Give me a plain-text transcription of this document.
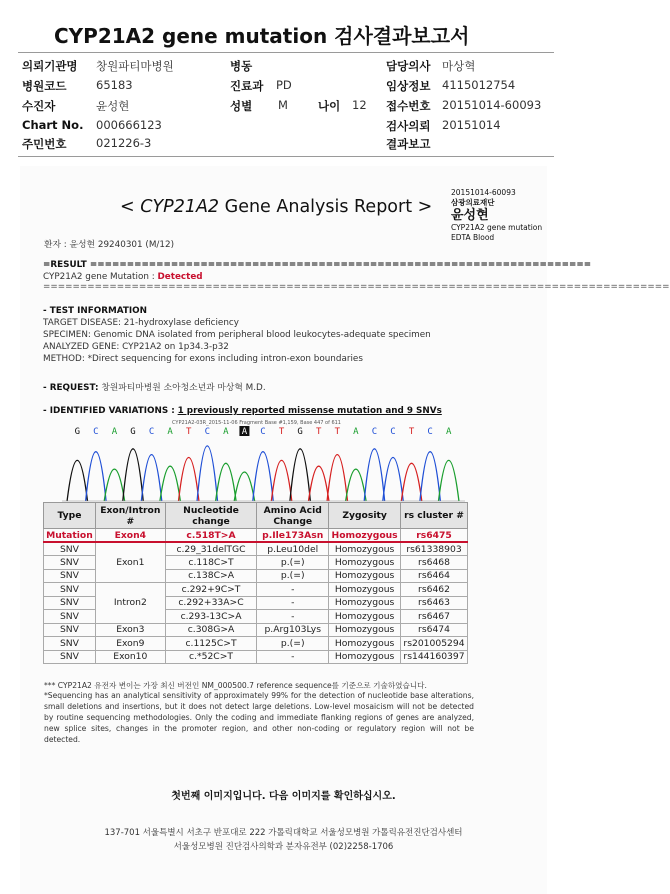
CYP21A2 gene mutation 검사결과보고서
의뢰기관명 창원파티마병원	병동	담당의사 마상혁
병원코드	65183	진료과 PD	임상정보 4115012754
수진자	윤성현	성별 M	나이 12 접수번호 20151014-60093
Chart No. 000666123	검사의뢰 20151014
주민번호	021226-3	결과보고
20151014-60093
삼광의료재단
윤성현
CYP21A2 gene mutation
EDTA Blood
< CYP21A2 Gene Analysis Report >
환자 : 윤성현 29240301 (M/12)
=RESULT ====================================================================
CYP21A2 gene Mutation : Detected
=====================================================================================
- TEST INFORMATION
TARGET DISEASE: 21-hydroxylase deficiency
SPECIMEN: Genomic DNA isolated from peripheral blood leukocytes-adequate specimen
ANALYZED GENE: CYP21A2 on 1p34.3-p32
METHOD: *Direct sequencing for exons including intron-exon boundaries
- REQUEST: 창원파티마병원 소아청소년과 마상혁 M.D.
- IDENTIFIED VARIATIONS : 1 previously reported missense mutation and 9 SNVs
CYP21A2-03R_2015-11-06 Fragment Base #1,159, Base 447 of 611
G C A G C A T C A A C T G T T A C C T C A
Type	Exon/Intron #	Nucleotide change	Amino Acid Change	Zygosity	rs cluster #
Mutation	Exon4	c.518T>A	p.Ile173Asn	Homozygous	rs6475
SNV	Exon1	c.29_31delTGC	p.Leu10del	Homozygous	rs61338903
SNV		c.118C>T	p.(=)	Homozygous	rs6468
SNV		c.138C>A	p.(=)	Homozygous	rs6464
SNV	Intron2	c.292+9C>T	-	Homozygous	rs6462
SNV		c.292+33A>C	-	Homozygous	rs6463
SNV		c.293-13C>A	-	Homozygous	rs6467
SNV	Exon3	c.308G>A	p.Arg103Lys	Homozygous	rs6474
SNV	Exon9	c.1125C>T	p.(=)	Homozygous	rs201005294
SNV	Exon10	c.*52C>T	-	Homozygous	rs144160397
*** CYP21A2 유전자 변이는 가장 최신 버전인 NM_000500.7 reference sequence를 기준으로 기술하였습니다.
*Sequencing has an analytical sensitivity of approximately 99% for the detection of nucleotide base alterations, small deletions and insertions, but it does not detect large deletions. Low-level mosaicism will not be detected by routine sequencing methodologies. Only the coding and immediate flanking regions of genes are analyzed, new splice sites, changes in the promoter region, and other non-coding or regulatory region will not be detected.
첫번째 이미지입니다. 다음 이미지를 확인하십시오.
137-701 서울특별시 서초구 반포대로 222 가톨릭대학교 서울성모병원 가톨릭유전진단검사센터
서울성모병원 진단검사의학과 분자유전부 (02)2258-1706
